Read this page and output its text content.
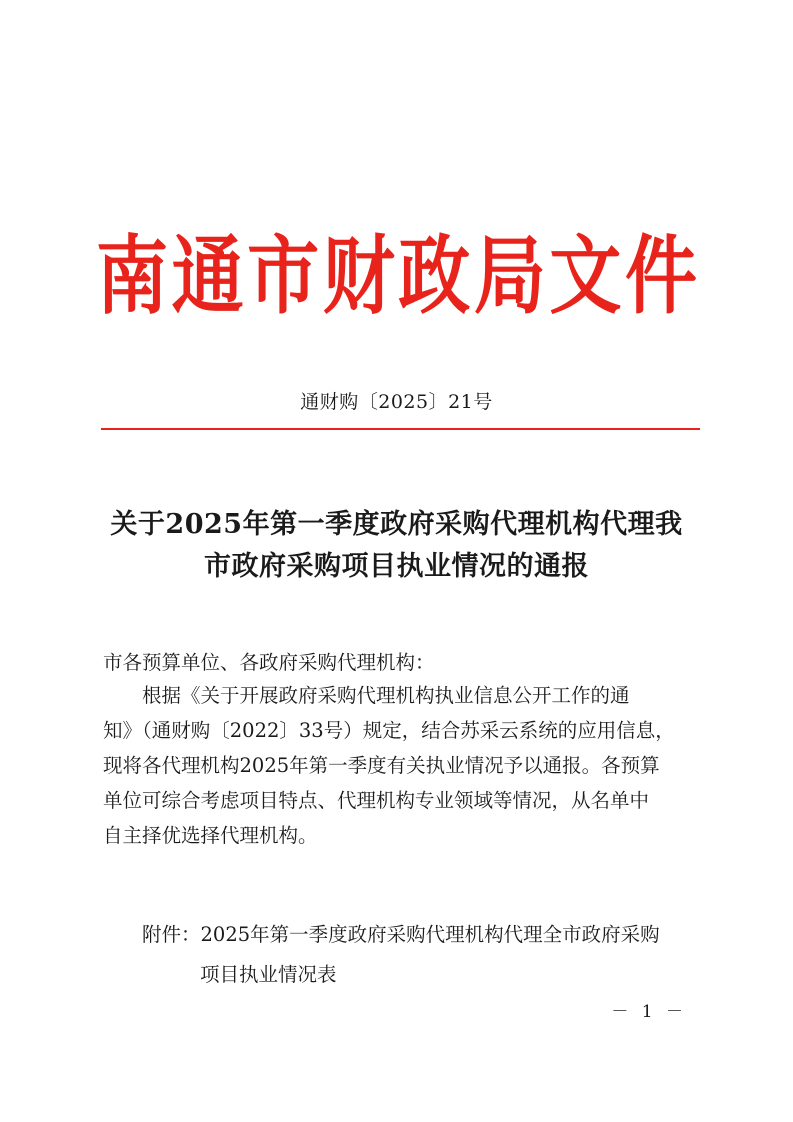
南 通 市 财 政 局 文 件
通财购〔2025〕21号
关于2025年第一季度政府采购代理机构代理我
市政府采购项目执业情况的通报
市各预算单位、各政府采购代理机构：
根据《关于开展政府采购代理机构执业信息公开工作的通
知》（通财购〔2022〕33号）规定，结合苏采云系统的应用信息，
现将各代理机构2025年第一季度有关执业情况予以通报。各预算
单位可综合考虑项目特点、代理机构专业领域等情况，从名单中
自主择优选择代理机构。
附件：2025年第一季度政府采购代理机构代理全市政府采购
项目执业情况表
－ 1 －
